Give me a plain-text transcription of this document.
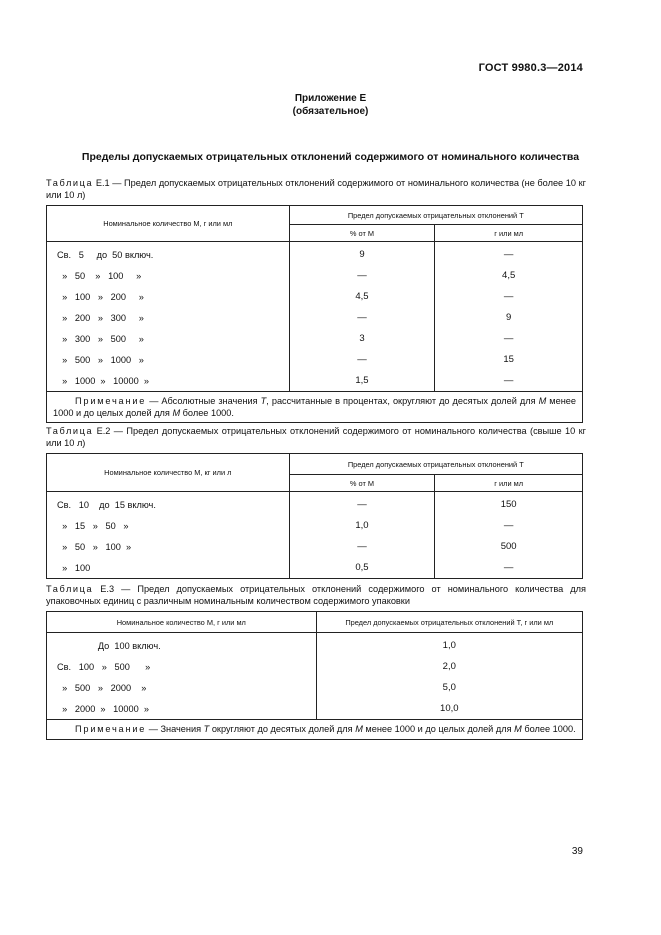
ГОСТ 9980.3—2014
Приложение Е
(обязательное)
Пределы допускаемых отрицательных отклонений содержимого от номинального количества
Таблица Е.1 — Предел допускаемых отрицательных отклонений содержимого от номинального количества (не более 10 кг или 10 л)
Номинальное количество M, г или мл	Предел допускаемых отрицательных отклонений T	
	% от M	г или мл
Св.   5     до  50 включ.	9	—
»   50    »   100     »	—	4,5
»   100   »   200     »	4,5	—
»   200   »   300     »	—	9
»   300   »   500     »	3	—
»   500   »   1000   »	—	15
»   1000  »   10000  »	1,5	—
Примечание — Абсолютные значения T, рассчитанные в процентах, округляют до десятых долей для M менее 1000 и до целых долей для M более 1000.		
Таблица Е.2 — Предел допускаемых отрицательных отклонений содержимого от номинального количества (свыше 10 кг или 10 л)
Номинальное количество M, кг или л	Предел допускаемых отрицательных отклонений T	
	% от M	г или мл
Св.   10    до  15 включ.	—	150
»   15   »   50   »	1,0	—
»   50   »   100  »	—	500
»   100	0,5	—
Таблица Е.3 — Предел допускаемых отрицательных отклонений содержимого от номинального количества для упаковочных единиц с различным номинальным количеством содержимого упаковки
Номинальное количество M, г или мл	Предел допускаемых отрицательных отклонений T, г или мл
До  100 включ.	1,0
Св.   100   »   500      »	2,0
»   500   »   2000    »	5,0
»   2000  »   10000  »	10,0
Примечание — Значения T округляют до десятых долей для M менее 1000 и до целых долей для M более 1000.	
39
